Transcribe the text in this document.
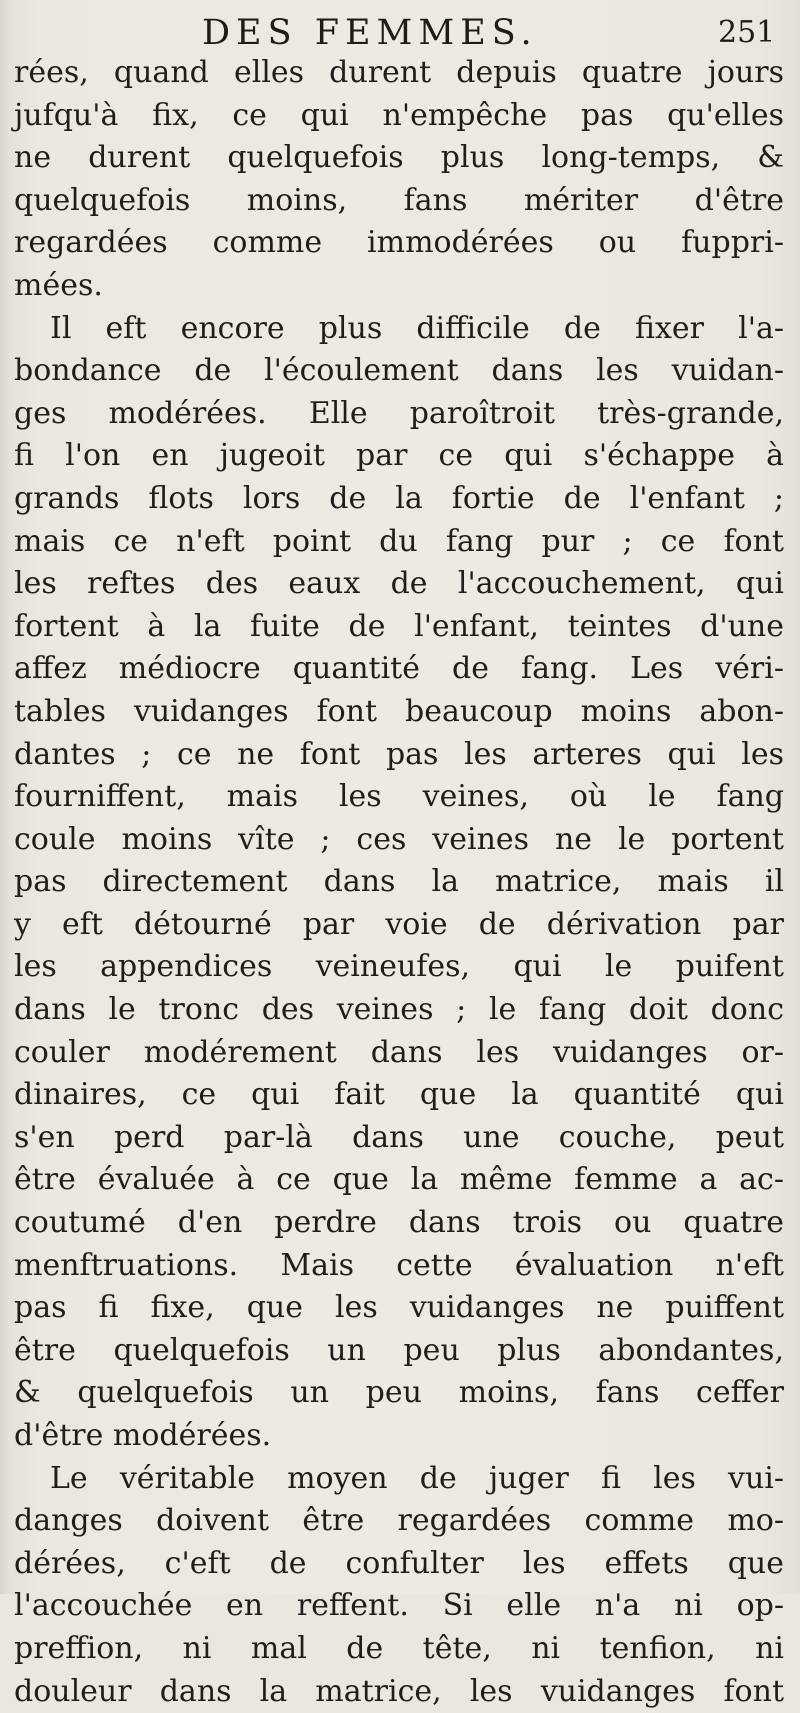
DES FEMMES.	251
rées, quand elles durent depuis quatre jours
jufqu'à fix, ce qui n'empêche pas qu'elles
ne durent quelquefois plus long-temps, &
quelquefois moins, fans mériter d'être
regardées comme immodérées ou fuppri-
mées.
Il eft encore plus difficile de fixer l'a-
bondance de l'écoulement dans les vuidan-
ges modérées. Elle paroîtroit très-grande,
fi l'on en jugeoit par ce qui s'échappe à
grands flots lors de la fortie de l'enfant ;
mais ce n'eft point du fang pur ; ce font
les reftes des eaux de l'accouchement, qui
fortent à la fuite de l'enfant, teintes d'une
affez médiocre quantité de fang. Les véri-
tables vuidanges font beaucoup moins abon-
dantes ; ce ne font pas les arteres qui les
fourniffent, mais les veines, où le fang
coule moins vîte ; ces veines ne le portent
pas directement dans la matrice, mais il
y eft détourné par voie de dérivation par
les appendices veineufes, qui le puifent
dans le tronc des veines ; le fang doit donc
couler modérement dans les vuidanges or-
dinaires, ce qui fait que la quantité qui
s'en perd par-là dans une couche, peut
être évaluée à ce que la même femme a ac-
coutumé d'en perdre dans trois ou quatre
menftruations. Mais cette évaluation n'eft
pas fi fixe, que les vuidanges ne puiffent
être quelquefois un peu plus abondantes,
& quelquefois un peu moins, fans ceffer
d'être modérées.
Le véritable moyen de juger fi les vui-
danges doivent être regardées comme mo-
dérées, c'eft de confulter les effets que
l'accouchée en reffent. Si elle n'a ni op-
preffion, ni mal de tête, ni tenfion, ni
douleur dans la matrice, les vuidanges font
